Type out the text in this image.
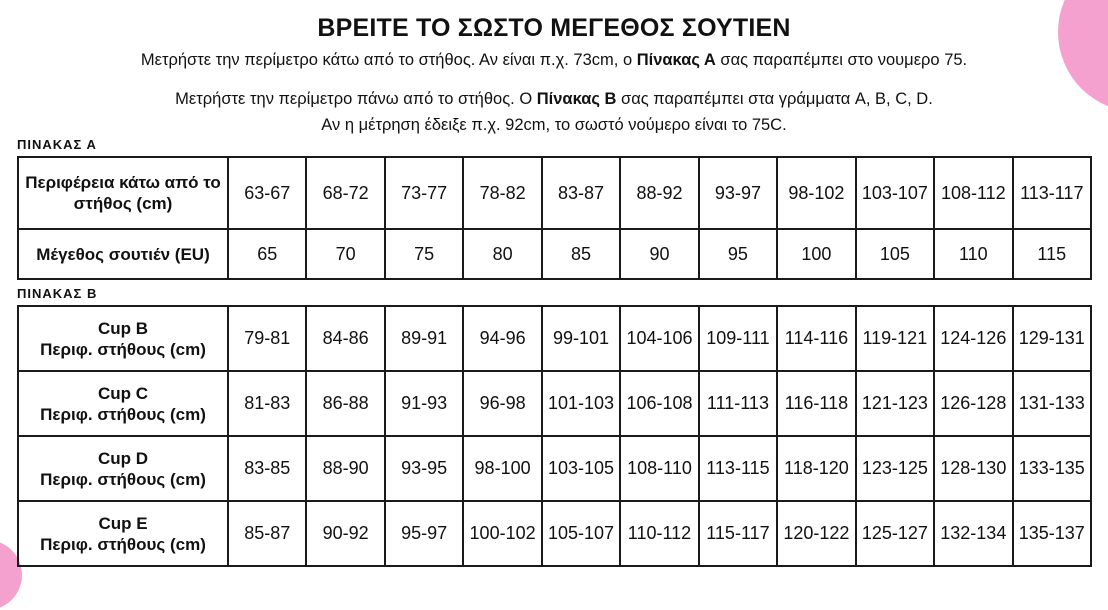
ΒΡΕΙΤΕ ΤΟ ΣΩΣΤΟ ΜΕΓΕΘΟΣ ΣΟΥΤΙΕΝ
Μετρήστε την περίμετρο κάτω από το στήθος. Αν είναι π.χ. 73cm, ο Πίνακας Α σας παραπέμπει στο νουμερο 75.
Μετρήστε την περίμετρο πάνω από το στήθος. Ο Πίνακας Β σας παραπέμπει στα γράμματα A, B, C, D.
Αν η μέτρηση έδειξε π.χ. 92cm, το σωστό νούμερο είναι το 75C.
ΠΙΝΑΚΑΣ Α
Περιφέρεια κάτω από το στήθος (cm)	63-67	68-72	73-77	78-82	83-87	88-92	93-97	98-102	103-107	108-112	113-117
Μέγεθος σουτιέν (EU)	65	70	75	80	85	90	95	100	105	110	115
ΠΙΝΑΚΑΣ Β
Cup B
Περιφ. στήθους (cm)	79-81	84-86	89-91	94-96	99-101	104-106	109-111	114-116	119-121	124-126	129-131

Cup C
Περιφ. στήθους (cm)	81-83	86-88	91-93	96-98	101-103	106-108	111-113	116-118	121-123	126-128	131-133

Cup D
Περιφ. στήθους (cm)	83-85	88-90	93-95	98-100	103-105	108-110	113-115	118-120	123-125	128-130	133-135

Cup E
Περιφ. στήθους (cm)	85-87	90-92	95-97	100-102	105-107	110-112	115-117	120-122	125-127	132-134	135-137
